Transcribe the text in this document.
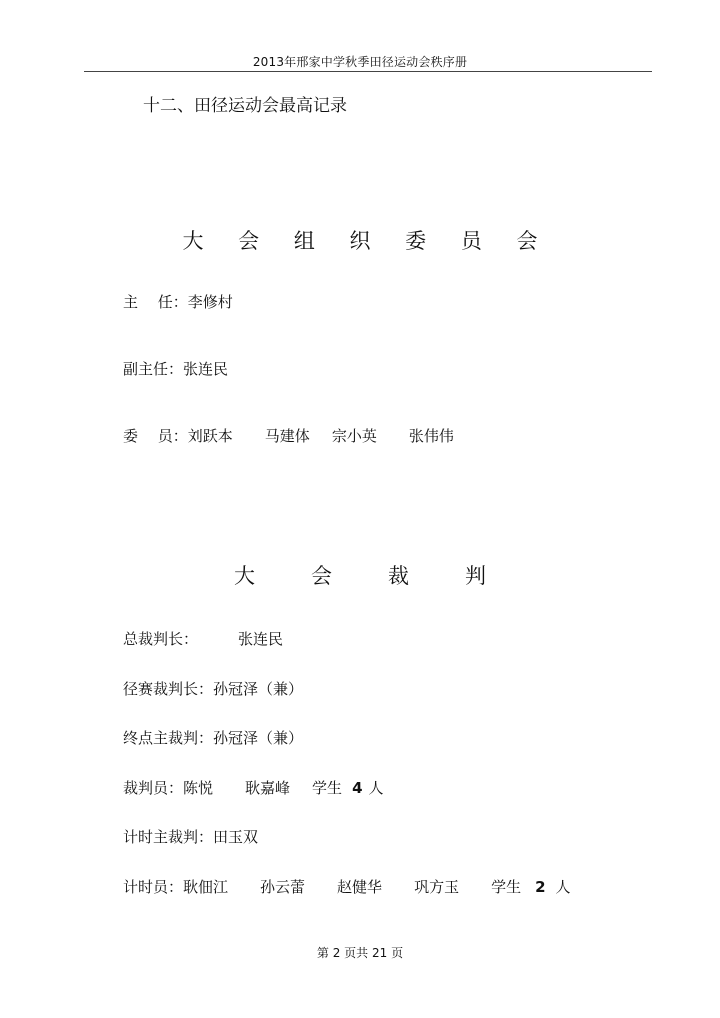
2013年邢家中学秋季田径运动会秩序册
十二、田径运动会最高记录
大 会 组 织 委 员 会
主　 任：李修村
副主任：张连民
委　 员：刘跃本 马建体 宗小英 张伟伟
大	会	裁	判
总裁判长：	张连民
径赛裁判长：孙冠泽（兼）
终点主裁判：孙冠泽（兼）
裁判员：陈悦 耿嘉峰 学生 4 人
计时主裁判：田玉双
计时员：耿佃江 孙云蕾 赵健华 巩方玉 学生 2 人
第 2 页共 21 页
